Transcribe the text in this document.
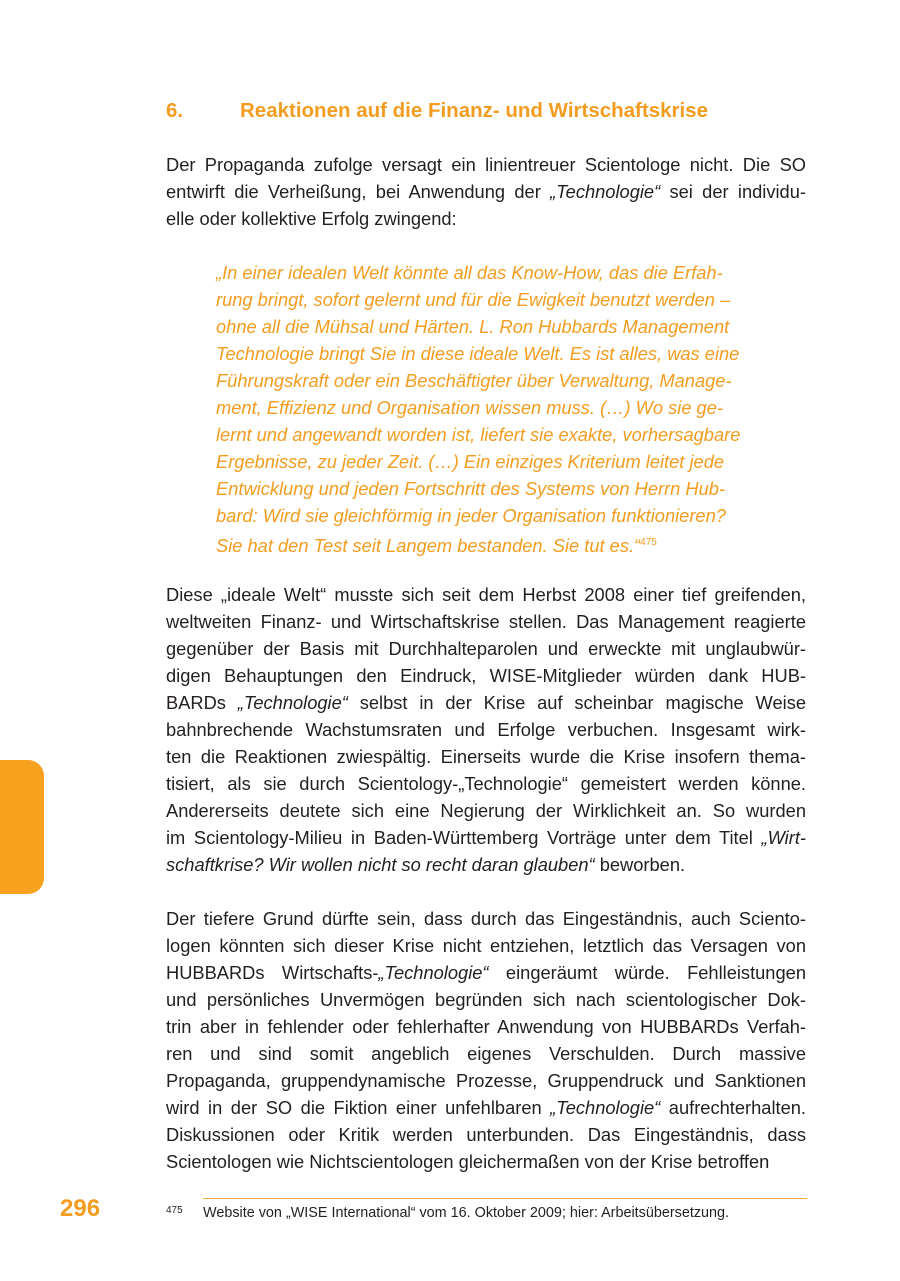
6.	Reaktionen auf die Finanz- und Wirtschaftskrise
Der Propaganda zufolge versagt ein linientreuer Scientologe nicht. Die SO
entwirft die Verheißung, bei Anwendung der „Technologie“ sei der individu-
elle oder kollektive Erfolg zwingend:
„In einer idealen Welt könnte all das Know-How, das die Erfah-
rung bringt, sofort gelernt und für die Ewigkeit benutzt werden –
ohne all die Mühsal und Härten. L. Ron Hubbards Management
Technologie bringt Sie in diese ideale Welt. Es ist alles, was eine
Führungskraft oder ein Beschäftigter über Verwaltung, Manage-
ment, Effizienz und Organisation wissen muss. (…) Wo sie ge-
lernt und angewandt worden ist, liefert sie exakte, vorhersagbare
Ergebnisse, zu jeder Zeit. (…) Ein einziges Kriterium leitet jede
Entwicklung und jeden Fortschritt des Systems von Herrn Hub-
bard: Wird sie gleichförmig in jeder Organisation funktionieren?
Sie hat den Test seit Langem bestanden. Sie tut es.“$^{475}$
Diese „ideale Welt“ musste sich seit dem Herbst 2008 einer tief greifenden,
weltweiten Finanz- und Wirtschaftskrise stellen. Das Management reagierte
gegenüber der Basis mit Durchhalteparolen und erweckte mit unglaubwür-
digen Behauptungen den Eindruck, WISE-Mitglieder würden dank HUB-
BARDs „Technologie“ selbst in der Krise auf scheinbar magische Weise
bahnbrechende Wachstumsraten und Erfolge verbuchen. Insgesamt wirk-
ten die Reaktionen zwiespältig. Einerseits wurde die Krise insofern thema-
tisiert, als sie durch Scientology-„Technologie“ gemeistert werden könne.
Andererseits deutete sich eine Negierung der Wirklichkeit an. So wurden
im Scientology-Milieu in Baden-Württemberg Vorträge unter dem Titel „Wirt-
schaftkrise? Wir wollen nicht so recht daran glauben“ beworben.
Der tiefere Grund dürfte sein, dass durch das Eingeständnis, auch Sciento-
logen könnten sich dieser Krise nicht entziehen, letztlich das Versagen von
HUBBARDs Wirtschafts-„Technologie“ eingeräumt würde. Fehlleistungen
und persönliches Unvermögen begründen sich nach scientologischer Dok-
trin aber in fehlender oder fehlerhafter Anwendung von HUBBARDs Verfah-
ren und sind somit angeblich eigenes Verschulden. Durch massive
Propaganda, gruppendynamische Prozesse, Gruppendruck und Sanktionen
wird in der SO die Fiktion einer unfehlbaren „Technologie“ aufrechterhalten.
Diskussionen oder Kritik werden unterbunden. Das Eingeständnis, dass
Scientologen wie Nichtscientologen gleichermaßen von der Krise betroffen
296	475 Website von „WISE International“ vom 16. Oktober 2009; hier: Arbeitsübersetzung.
